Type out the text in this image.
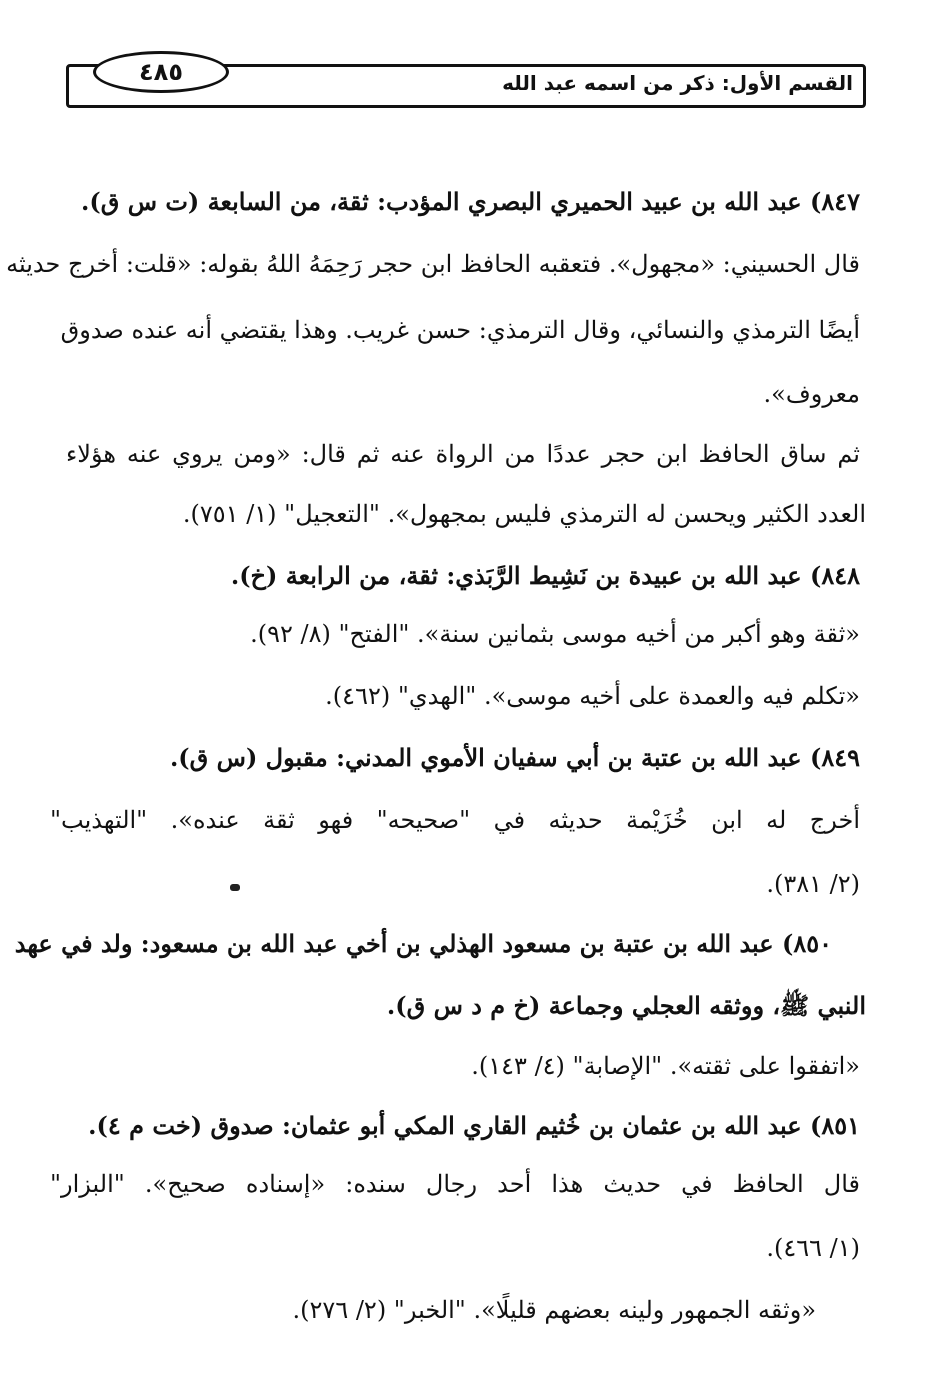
٤٨٥	القسم الأول: ذكر من اسمه عبد الله
٨٤٧) عبد الله بن عبيد الحميري البصري المؤدب: ثقة، من السابعة (ت س ق).
قال الحسيني: «مجهول». فتعقبه الحافظ ابن حجر رَحِمَهُ اللهُ بقوله: «قلت: أخرج حديثه
أيضًا الترمذي والنسائي، وقال الترمذي: حسن غريب. وهذا يقتضي أنه عنده صدوق
معروف».
ثم ساق الحافظ ابن حجر عددًا من الرواة عنه ثم قال: «ومن يروي عنه هؤلاء
العدد الكثير ويحسن له الترمذي فليس بمجهول». "التعجيل" (١/ ٧٥١).
٨٤٨) عبد الله بن عبيدة بن نَشِيط الرَّبَذي: ثقة، من الرابعة (خ).
«ثقة وهو أكبر من أخيه موسى بثمانين سنة». "الفتح" (٨/ ٩٢).
«تكلم فيه والعمدة على أخيه موسى». "الهدي" (٤٦٢).
٨٤٩) عبد الله بن عتبة بن أبي سفيان الأموي المدني: مقبول (س ق).
أخرج له ابن خُزَيْمة حديثه في "صحيحه" فهو ثقة عنده». "التهذيب"
(٢/ ٣٨١).
٨٥٠) عبد الله بن عتبة بن مسعود الهذلي بن أخي عبد الله بن مسعود: ولد في عهد
النبي ﷺ، ووثقه العجلي وجماعة (خ م د س ق).
«اتفقوا على ثقته». "الإصابة" (٤/ ١٤٣).
٨٥١) عبد الله بن عثمان بن خُثيم القاري المكي أبو عثمان: صدوق (خت م ٤).
قال الحافظ في حديث هذا أحد رجال سنده: «إسناده صحيح». "البزار"
(١/ ٤٦٦).
«وثقه الجمهور ولينه بعضهم قليلًا». "الخبر" (٢/ ٢٧٦).
